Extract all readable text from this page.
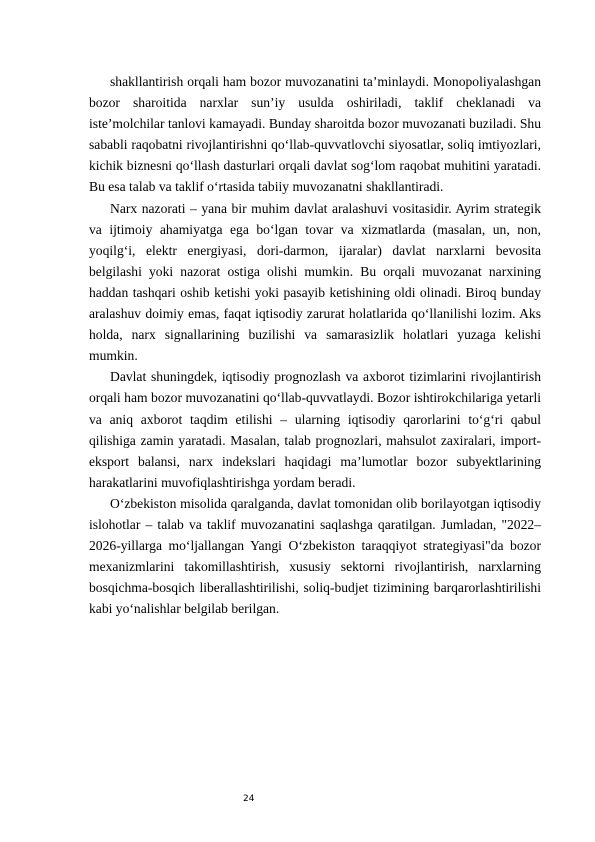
shakllantirish orqali ham bozor muvozanatini ta’minlaydi. Monopoliyalashgan bozor sharoitida narxlar sun’iy usulda oshiriladi, taklif cheklanadi va iste’molchilar tanlovi kamayadi. Bunday sharoitda bozor muvozanati buziladi. Shu sababli raqobatni rivojlantirishni qo‘llab-quvvatlovchi siyosatlar, soliq imtiyozlari, kichik biznesni qo‘llash dasturlari orqali davlat sog‘lom raqobat muhitini yaratadi. Bu esa talab va taklif o‘rtasida tabiiy muvozanatni shakllantiradi.

Narx nazorati – yana bir muhim davlat aralashuvi vositasidir. Ayrim strategik va ijtimoiy ahamiyatga ega bo‘lgan tovar va xizmatlarda (masalan, un, non, yoqilg‘i, elektr energiyasi, dori-darmon, ijaralar) davlat narxlarni bevosita belgilashi yoki nazorat ostiga olishi mumkin. Bu orqali muvozanat narxining haddan tashqari oshib ketishi yoki pasayib ketishining oldi olinadi. Biroq bunday aralashuv doimiy emas, faqat iqtisodiy zarurat holatlarida qo‘llanilishi lozim. Aks holda, narx signallarining buzilishi va samarasizlik holatlari yuzaga kelishi mumkin.

Davlat shuningdek, iqtisodiy prognozlash va axborot tizimlarini rivojlantirish orqali ham bozor muvozanatini qo‘llab-quvvatlaydi. Bozor ishtirokchilariga yetarli va aniq axborot taqdim etilishi – ularning iqtisodiy qarorlarini to‘g‘ri qabul qilishiga zamin yaratadi. Masalan, talab prognozlari, mahsulot zaxiralari, import-eksport balansi, narx indekslari haqidagi ma’lumotlar bozor subyektlarining harakatlarini muvofiqlashtirishga yordam beradi.

O‘zbekiston misolida qaralganda, davlat tomonidan olib borilayotgan iqtisodiy islohotlar – talab va taklif muvozanatini saqlashga qaratilgan. Jumladan, "2022–2026-yillarga mo‘ljallangan Yangi O‘zbekiston taraqqiyot strategiyasi"da bozor mexanizmlarini takomillashtirish, xususiy sektorni rivojlantirish, narxlarning bosqichma-bosqich liberallashtirilishi, soliq-budjet tizimining barqarorlashtirilishi kabi yo‘nalishlar belgilab berilgan.

24
